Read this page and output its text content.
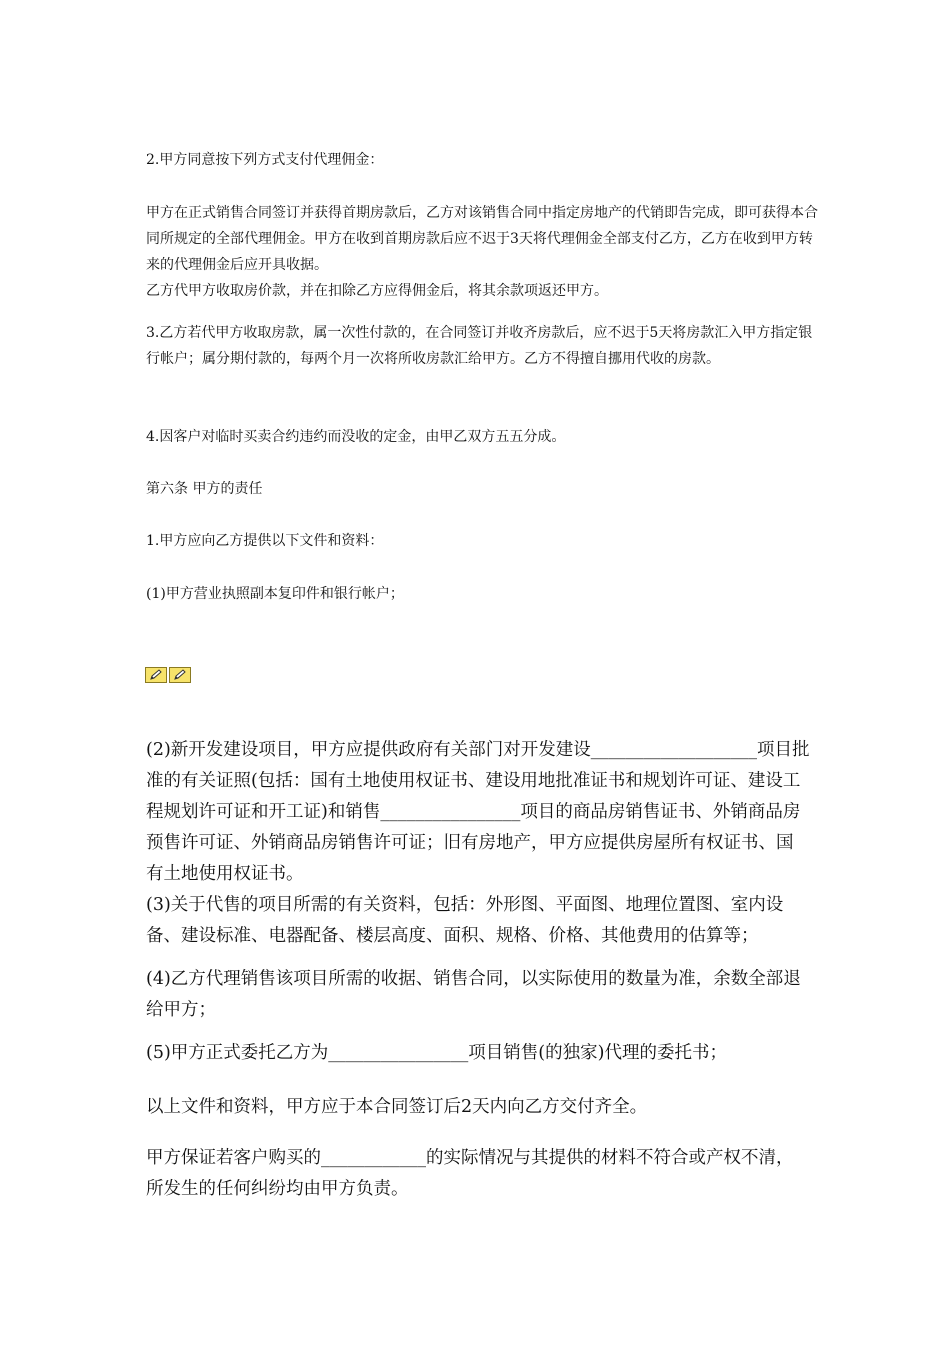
2.甲方同意按下列方式支付代理佣金：

甲方在正式销售合同签订并获得首期房款后，乙方对该销售合同中指定房地产的代销即告完成，即可获得本合同所规定的全部代理佣金。甲方在收到首期房款后应不迟于3天将代理佣金全部支付乙方，乙方在收到甲方转来的代理佣金后应开具收据。
乙方代甲方收取房价款，并在扣除乙方应得佣金后，将其余款项返还甲方。

3.乙方若代甲方收取房款，属一次性付款的，在合同签订并收齐房款后，应不迟于5天将房款汇入甲方指定银行帐户；属分期付款的，每两个月一次将所收房款汇给甲方。乙方不得擅自挪用代收的房款。

4.因客户对临时买卖合约违约而没收的定金，由甲乙双方五五分成。

第六条 甲方的责任

1.甲方应向乙方提供以下文件和资料：

(1)甲方营业执照副本复印件和银行帐户；

(2)新开发建设项目，甲方应提供政府有关部门对开发建设___________________项目批准的有关证照(包括：国有土地使用权证书、建设用地批准证书和规划许可证、建设工程规划许可证和开工证)和销售________________项目的商品房销售证书、外销商品房预售许可证、外销商品房销售许可证；旧有房地产，甲方应提供房屋所有权证书、国有土地使用权证书。

(3)关于代售的项目所需的有关资料，包括：外形图、平面图、地理位置图、室内设备、建设标准、电器配备、楼层高度、面积、规格、价格、其他费用的估算等；

(4)乙方代理销售该项目所需的收据、销售合同，以实际使用的数量为准，余数全部退给甲方；

(5)甲方正式委托乙方为________________项目销售(的独家)代理的委托书；

以上文件和资料，甲方应于本合同签订后2天内向乙方交付齐全。

甲方保证若客户购买的____________的实际情况与其提供的材料不符合或产权不清，所发生的任何纠纷均由甲方负责。
